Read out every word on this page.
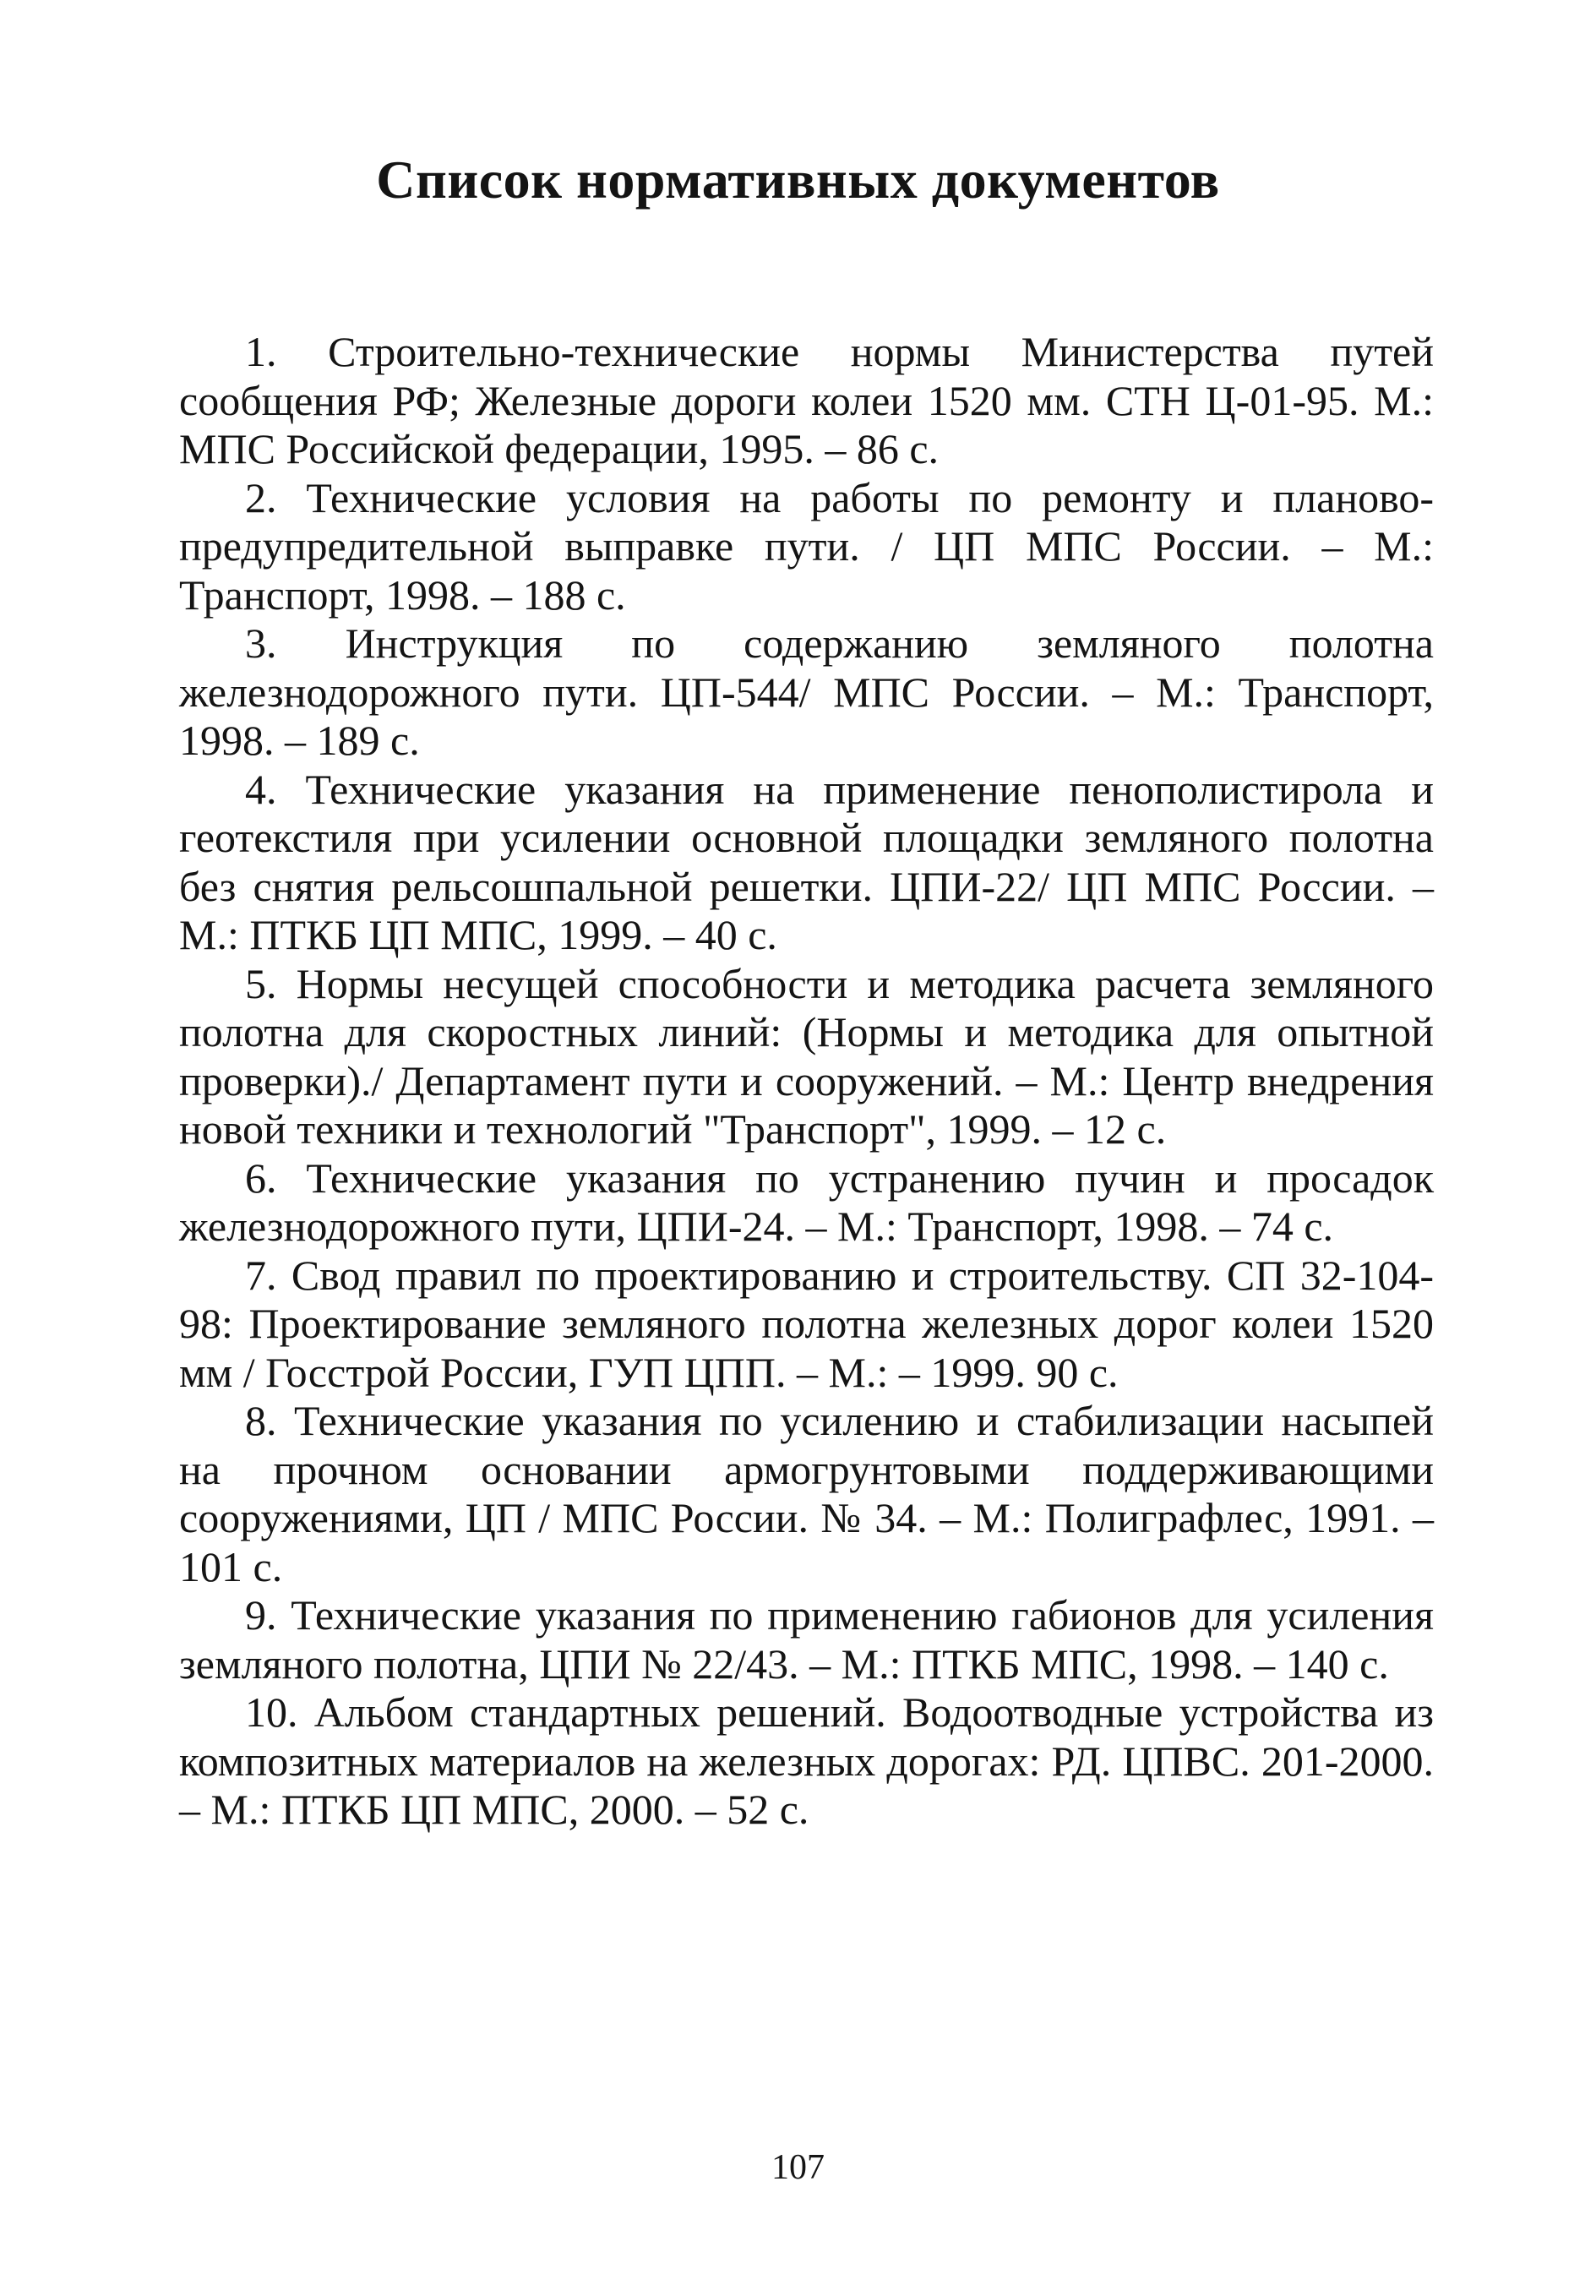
Список нормативных документов
1. Строительно-технические нормы Министерства путей сообщения РФ; Железные дороги колеи 1520 мм. СТН Ц-01-95. М.: МПС Российской федерации, 1995. – 86 с.
2. Технические условия на работы по ремонту и планово-предупредительной выправке пути. / ЦП МПС России. – М.: Транспорт, 1998. – 188 с.
3. Инструкция по содержанию земляного полотна железнодорожного пути. ЦП-544/ МПС России. – М.: Транспорт, 1998. – 189 с.
4. Технические указания на применение пенополистирола и геотекстиля при усилении основной площадки земляного полотна без снятия рельсошпальной решетки. ЦПИ-22/ ЦП МПС России. – М.: ПТКБ ЦП МПС, 1999. – 40 с.
5. Нормы несущей способности и методика расчета земляного полотна для скоростных линий: (Нормы и методика для опытной проверки)./ Департамент пути и сооружений. – М.: Центр внедрения новой техники и технологий "Транспорт", 1999. – 12 с.
6. Технические указания по устранению пучин и просадок железнодорожного пути, ЦПИ-24. – М.: Транспорт, 1998. – 74 с.
7. Свод правил по проектированию и строительству. СП 32-104-98: Проектирование земляного полотна железных дорог колеи 1520 мм / Госстрой России, ГУП ЦПП. – М.: – 1999. 90 с.
8. Технические указания по усилению и стабилизации насыпей на прочном основании армогрунтовыми поддерживающими сооружениями, ЦП / МПС России. № 34. – М.: Полиграфлес, 1991. – 101 с.
9. Технические указания по применению габионов для усиления земляного полотна, ЦПИ № 22/43. – М.: ПТКБ МПС, 1998. – 140 с.
10. Альбом стандартных решений. Водоотводные устройства из композитных материалов на железных дорогах: РД. ЦПВС. 201-2000. – М.: ПТКБ ЦП МПС, 2000. – 52 с.
107
